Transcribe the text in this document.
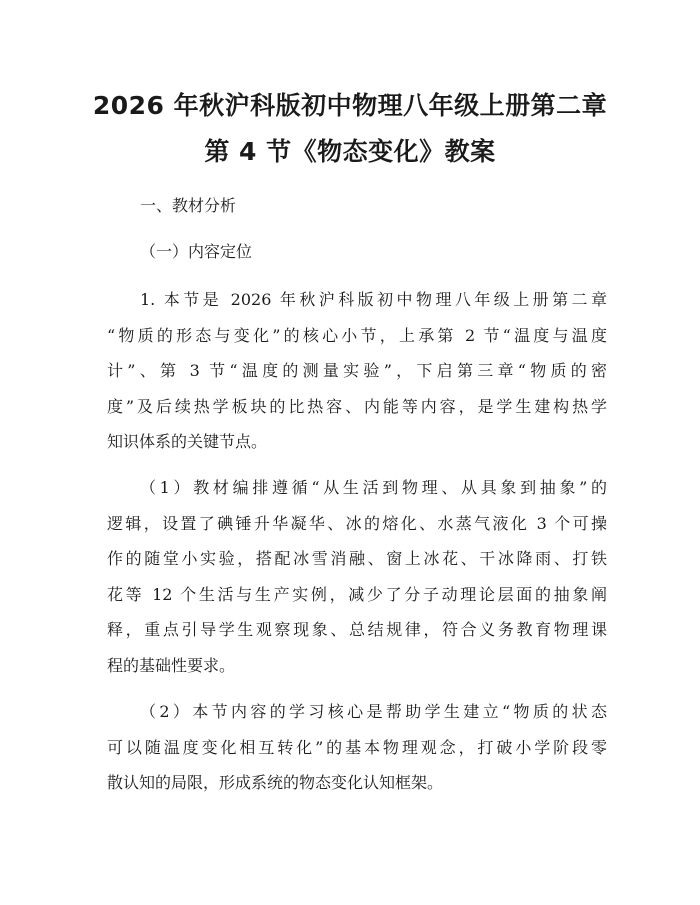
2026 年秋沪科版初中物理八年级上册第二章
第 4 节《物态变化》教案

一、教材分析

（一）内容定位

1. 本节是 2026 年秋沪科版初中物理八年级上册第二章
“物质的形态与变化”的核心小节，上承第 2 节“温度与温度
计”、第 3 节“温度的测量实验”，下启第三章“物质的密
度”及后续热学板块的比热容、内能等内容，是学生建构热学
知识体系的关键节点。
（1）教材编排遵循“从生活到物理、从具象到抽象”的
逻辑，设置了碘锤升华凝华、冰的熔化、水蒸气液化 3 个可操
作的随堂小实验，搭配冰雪消融、窗上冰花、干冰降雨、打铁
花等 12 个生活与生产实例，减少了分子动理论层面的抽象阐
释，重点引导学生观察现象、总结规律，符合义务教育物理课
程的基础性要求。
（2）本节内容的学习核心是帮助学生建立“物质的状态
可以随温度变化相互转化”的基本物理观念，打破小学阶段零
散认知的局限，形成系统的物态变化认知框架。
